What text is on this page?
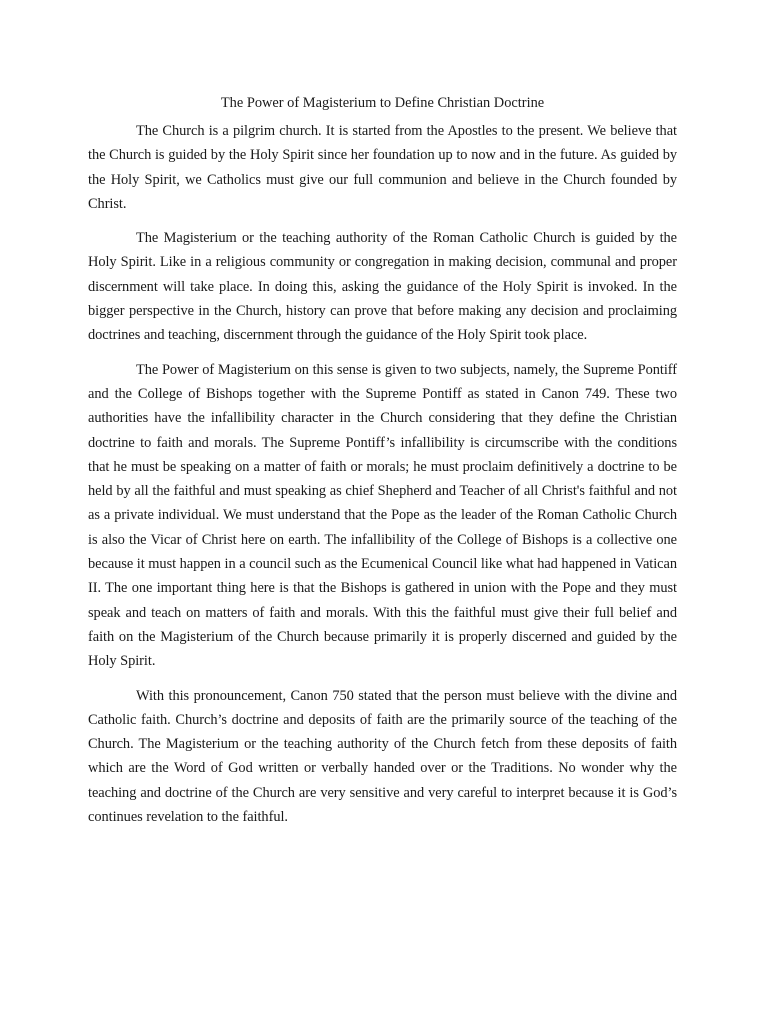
The Power of Magisterium to Define Christian Doctrine

The Church is a pilgrim church. It is started from the Apostles to the present. We believe that the Church is guided by the Holy Spirit since her foundation up to now and in the future. As guided by the Holy Spirit, we Catholics must give our full communion and believe in the Church founded by Christ.

The Magisterium or the teaching authority of the Roman Catholic Church is guided by the Holy Spirit. Like in a religious community or congregation in making decision, communal and proper discernment will take place. In doing this, asking the guidance of the Holy Spirit is invoked. In the bigger perspective in the Church, history can prove that before making any decision and proclaiming doctrines and teaching, discernment through the guidance of the Holy Spirit took place.

The Power of Magisterium on this sense is given to two subjects, namely, the Supreme Pontiff and the College of Bishops together with the Supreme Pontiff as stated in Canon 749. These two authorities have the infallibility character in the Church considering that they define the Christian doctrine to faith and morals. The Supreme Pontiff’s infallibility is circumscribe with the conditions that he must be speaking on a matter of faith or morals; he must proclaim definitively a doctrine to be held by all the faithful and must speaking as chief Shepherd and Teacher of all Christ's faithful and not as a private individual. We must understand that the Pope as the leader of the Roman Catholic Church is also the Vicar of Christ here on earth. The infallibility of the College of Bishops is a collective one because it must happen in a council such as the Ecumenical Council like what had happened in Vatican II. The one important thing here is that the Bishops is gathered in union with the Pope and they must speak and teach on matters of faith and morals. With this the faithful must give their full belief and faith on the Magisterium of the Church because primarily it is properly discerned and guided by the Holy Spirit.

With this pronouncement, Canon 750 stated that the person must believe with the divine and Catholic faith. Church’s doctrine and deposits of faith are the primarily source of the teaching of the Church. The Magisterium or the teaching authority of the Church fetch from these deposits of faith which are the Word of God written or verbally handed over or the Traditions. No wonder why the teaching and doctrine of the Church are very sensitive and very careful to interpret because it is God’s continues revelation to the faithful.
